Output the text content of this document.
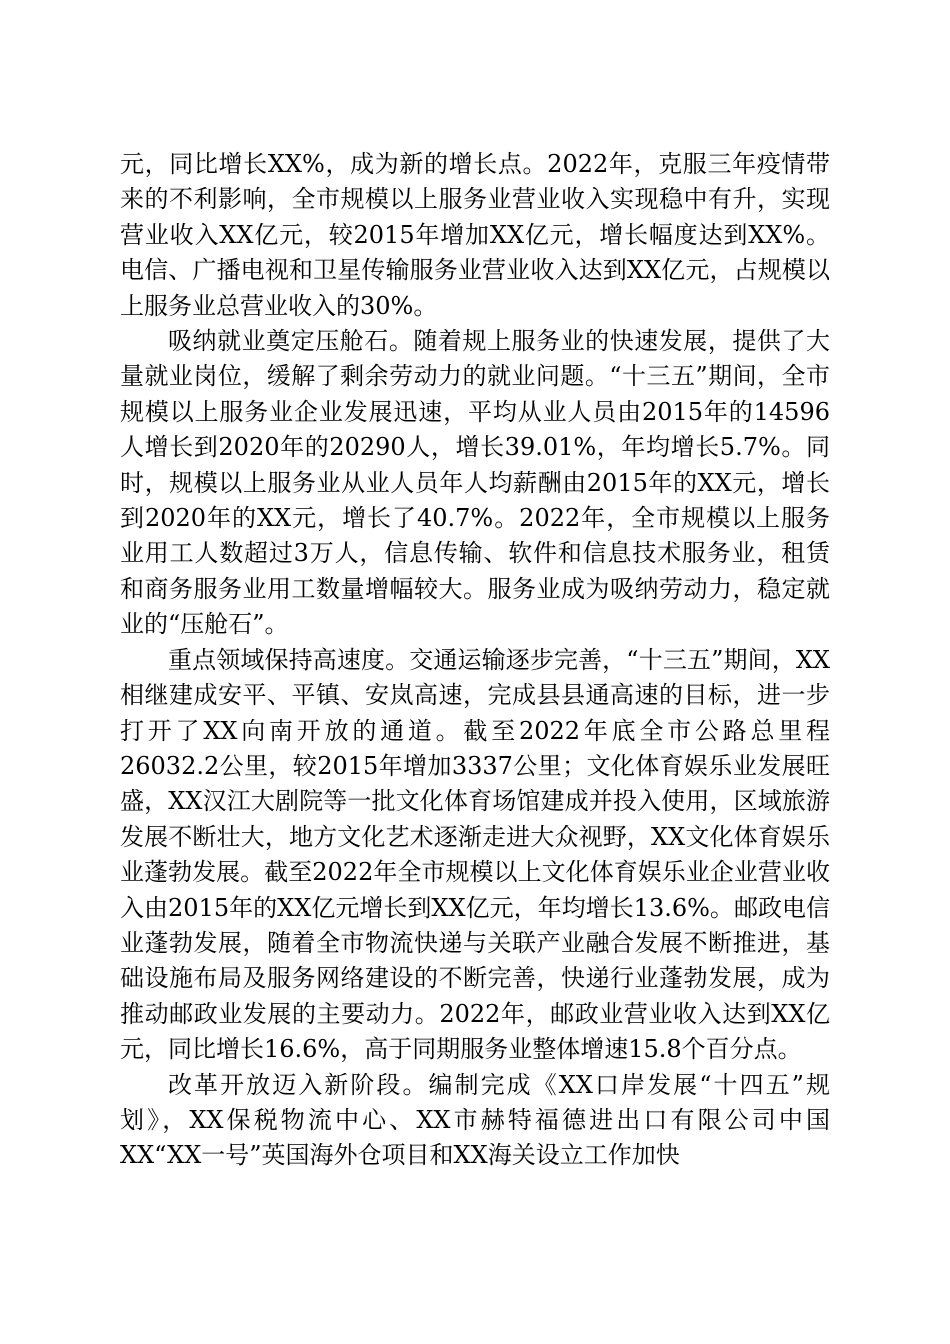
元，同比增长XX%，成为新的增长点。2022年，克服三年疫情带来的不利影响，全市规模以上服务业营业收入实现稳中有升，实现营业收入XX亿元，较2015年增加XX亿元，增长幅度达到XX%。电信、广播电视和卫星传输服务业营业收入达到XX亿元，占规模以上服务业总营业收入的30%。

吸纳就业奠定压舱石。随着规上服务业的快速发展，提供了大量就业岗位，缓解了剩余劳动力的就业问题。“十三五”期间，全市规模以上服务业企业发展迅速，平均从业人员由2015年的14596人增长到2020年的20290人，增长39.01%，年均增长5.7%。同时，规模以上服务业从业人员年人均薪酬由2015年的XX元，增长到2020年的XX元，增长了40.7%。2022年，全市规模以上服务业用工人数超过3万人，信息传输、软件和信息技术服务业，租赁和商务服务业用工数量增幅较大。服务业成为吸纳劳动力，稳定就业的“压舱石”。

重点领域保持高速度。交通运输逐步完善，“十三五”期间，XX相继建成安平、平镇、安岚高速，完成县县通高速的目标，进一步打开了XX向南开放的通道。截至2022年底全市公路总里程26032.2公里，较2015年增加3337公里；文化体育娱乐业发展旺盛，XX汉江大剧院等一批文化体育场馆建成并投入使用，区域旅游发展不断壮大，地方文化艺术逐渐走进大众视野，XX文化体育娱乐业蓬勃发展。截至2022年全市规模以上文化体育娱乐业企业营业收入由2015年的XX亿元增长到XX亿元，年均增长13.6%。邮政电信业蓬勃发展，随着全市物流快递与关联产业融合发展不断推进，基础设施布局及服务网络建设的不断完善，快递行业蓬勃发展，成为推动邮政业发展的主要动力。2022年，邮政业营业收入达到XX亿元，同比增长16.6%，高于同期服务业整体增速15.8个百分点。

改革开放迈入新阶段。编制完成《XX口岸发展“十四五”规划》，XX保税物流中心、XX市赫特福德进出口有限公司中国XX“XX一号”英国海外仓项目和XX海关设立工作加快
